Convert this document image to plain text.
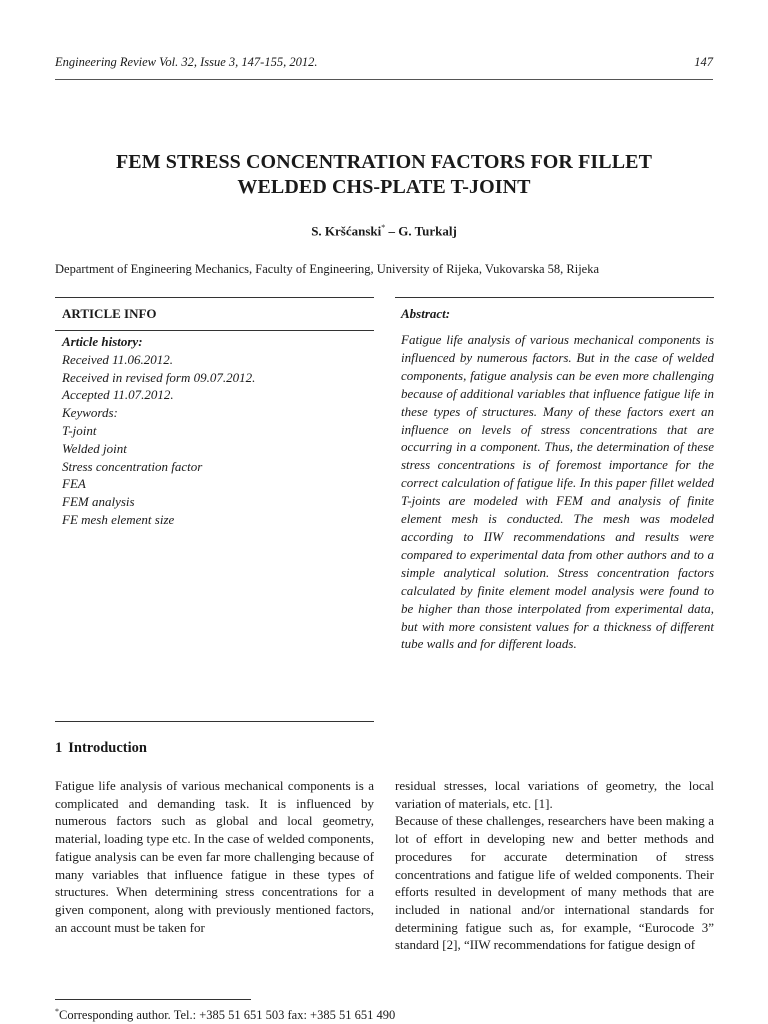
Engineering Review Vol. 32, Issue 3, 147-155, 2012.	147
FEM STRESS CONCENTRATION FACTORS FOR FILLET
WELDED CHS-PLATE T-JOINT
S. Kršćanski* – G. Turkalj
Department of Engineering Mechanics, Faculty of Engineering, University of Rijeka, Vukovarska 58, Rijeka
ARTICLE INFO	Abstract:
Article history:
Received 11.06.2012.
Received in revised form 09.07.2012.
Accepted 11.07.2012.
Keywords:
T-joint
Welded joint
Stress concentration factor
FEA
FEM analysis
FE mesh element size

Fatigue life analysis of various mechanical components is influenced by numerous factors. But in the case of welded components, fatigue analysis can be even more challenging because of additional variables that influence fatigue life in these types of structures. Many of these factors exert an influence on levels of stress concentrations that are occurring in a component. Thus, the determination of these stress concentrations is of foremost importance for the correct calculation of fatigue life. In this paper fillet welded T-joints are modeled with FEM and analysis of finite element mesh is conducted. The mesh was modeled according to IIW recommendations and results were compared to experimental data from other authors and to a simple analytical solution. Stress concentration factors calculated by finite element model analysis were found to be higher than those interpolated from experimental data, but with more consistent values for a thickness of different tube walls and for different loads.

1 Introduction

Fatigue life analysis of various mechanical components is a complicated and demanding task. It is influenced by numerous factors such as global and local geometry, material, loading type etc. In the case of welded components, fatigue analysis can be even far more challenging because of many variables that influence fatigue in these types of structures. When determining stress concentrations for a given component, along with previously mentioned factors, an account must be taken for

residual stresses, local variations of geometry, the local variation of materials, etc. [1].

Because of these challenges, researchers have been making a lot of effort in developing new and better methods and procedures for accurate determination of stress concentrations and fatigue life of welded components. Their efforts resulted in development of many methods that are included in national and/or international standards for determining fatigue such as, for example, “Eurocode 3” standard [2], “IIW recommendations for fatigue design of

*Corresponding author. Tel.: +385 51 651 503 fax: +385 51 651 490
